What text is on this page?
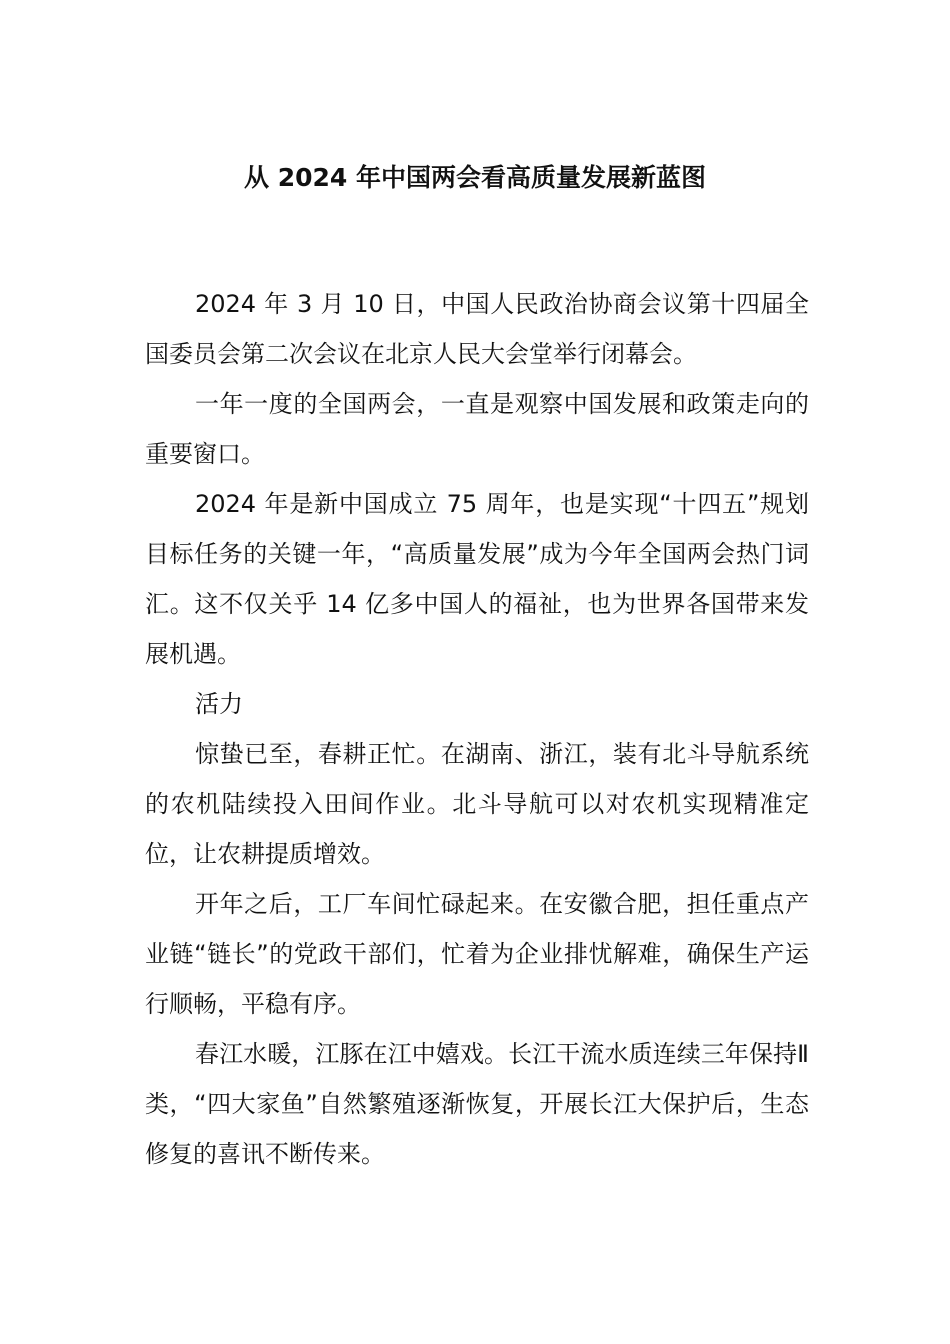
从 2024 年中国两会看高质量发展新蓝图

2024 年 3 月 10 日，中国人民政治协商会议第十四届全国委员会第二次会议在北京人民大会堂举行闭幕会。

一年一度的全国两会，一直是观察中国发展和政策走向的重要窗口。

2024 年是新中国成立 75 周年，也是实现“十四五”规划目标任务的关键一年，“高质量发展”成为今年全国两会热门词汇。这不仅关乎 14 亿多中国人的福祉，也为世界各国带来发展机遇。

活力

惊蛰已至，春耕正忙。在湖南、浙江，装有北斗导航系统的农机陆续投入田间作业。北斗导航可以对农机实现精准定位，让农耕提质增效。

开年之后，工厂车间忙碌起来。在安徽合肥，担任重点产业链“链长”的党政干部们，忙着为企业排忧解难，确保生产运行顺畅，平稳有序。

春江水暖，江豚在江中嬉戏。长江干流水质连续三年保持Ⅱ类，“四大家鱼”自然繁殖逐渐恢复，开展长江大保护后，生态修复的喜讯不断传来。
